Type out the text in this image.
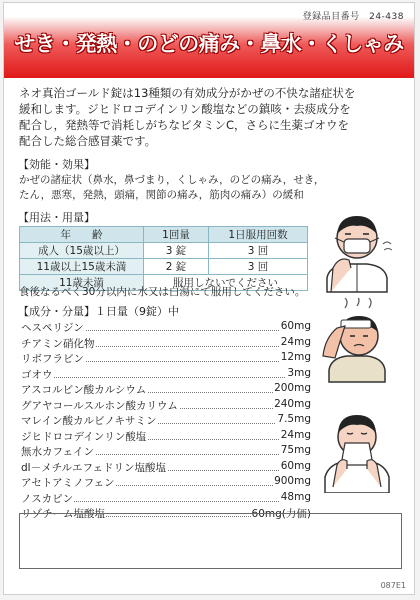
登録品目番号　24-438
せき・発熱・のどの痛み・鼻水・くしゃみ
ネオ真治ゴールド錠は13種類の有効成分がかぜの不快な諸症状を
緩和します。ジヒドロコデインリン酸塩などの鎮咳・去痰成分を
配合し，発熱等で消耗しがちなビタミンC，さらに生薬ゴオウを
配合した総合感冒薬です。
【効能・効果】
かぜの諸症状（鼻水，鼻づまり，くしゃみ，のどの痛み，せき，
たん，悪寒，発熱，頭痛，関節の痛み，筋肉の痛み）の緩和
【用法・用量】
年　　齢	1回量	1日服用回数
成人（15歳以上）	3 錠	3 回
11歳以上15歳未満	2 錠	3 回
11歳未満	服用しないでください	
食後なるべく30分以内に水又は白湯にて服用してください。
【成分・分量】１日量（9錠）中
ヘスペリジン	60mg
チアミン硝化物	24mg
リボフラビン	12mg
ゴオウ	3mg
アスコルビン酸カルシウム	200mg
グアヤコールスルホン酸カリウム	240mg
マレイン酸カルビノキサミン	7.5mg
ジヒドロコデインリン酸塩	24mg
無水カフェイン	75mg
dl－メチルエフェドリン塩酸塩	60mg
アセトアミノフェン	900mg
ノスカピン	48mg
リゾチーム塩酸塩	60mg(力価)
087E1
